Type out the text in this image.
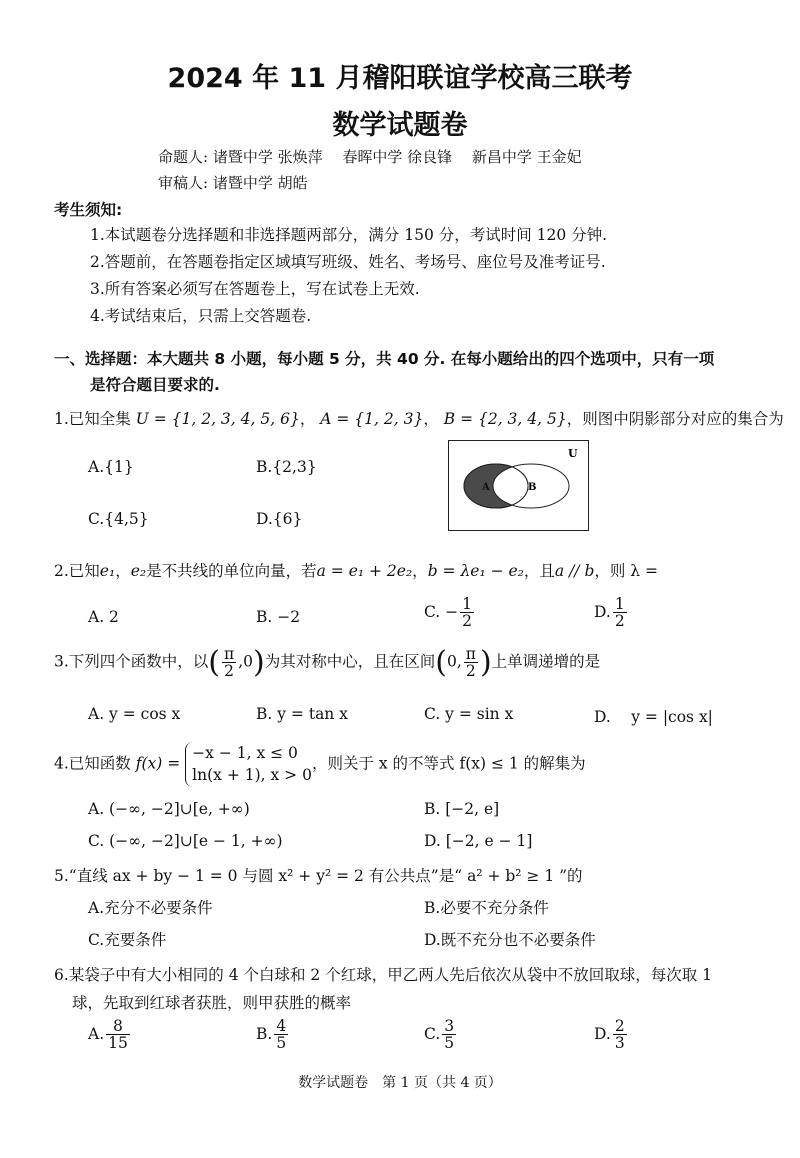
2024 年 11 月稽阳联谊学校高三联考
数学试题卷
命题人: 诸暨中学 张焕萍　 春晖中学 徐良锋　 新昌中学 王金妃
审稿人: 诸暨中学 胡皓
考生须知:
1.本试题卷分选择题和非选择题两部分，满分 150 分，考试时间 120 分钟.
2.答题前，在答题卷指定区域填写班级、姓名、考场号、座位号及准考证号.
3.所有答案必须写在答题卷上，写在试卷上无效.
4.考试结束后，只需上交答题卷.
一、选择题：本大题共 8 小题，每小题 5 分，共 40 分. 在每小题给出的四个选项中，只有一项
是符合题目要求的.
1.已知全集 U = {1, 2, 3, 4, 5, 6}， A = {1, 2, 3}， B = {2, 3, 4, 5}，则图中阴影部分对应的集合为
A.{1}	B.{2,3}
C.{4,5}	D.{6}
U
A	B
2.已知e₁，e₂是不共线的单位向量，若a = e₁ + 2e₂，b = λe₁ − e₂，且a // b，则 λ =
A. 2	B. −2	C. − $\frac{1}{2}$	D. $\frac{1}{2}$
3.下列四个函数中，以( $\frac{\pi}{2} ,0$)为其对称中心，且在区间(0, $\frac{\pi}{2}$ )上单调递增的是
A. y = cos x	B. y = tan x	C. y = sin x	D.　 y = |cos x|
4.已知函数 f(x) =
−x − 1, x ≤ 0
ln(x + 1), x > 0
，则关于 x 的不等式 f(x) ≤ 1 的解集为
A. (−∞, −2]∪[e, +∞)	B. [−2, e]
C. (−∞, −2]∪[e − 1, +∞)	D. [−2, e − 1]
5.“直线 ax + by − 1 = 0 与圆 x² + y² = 2 有公共点”是“ a² + b² ≥ 1 ”的
A.充分不必要条件	B.必要不充分条件
C.充要条件	D.既不充分也不必要条件
6.某袋子中有大小相同的 4 个白球和 2 个红球，甲乙两人先后依次从袋中不放回取球，每次取 1
球，先取到红球者获胜，则甲获胜的概率
A. $\frac{8}{15}$	B. $\frac{4}{5}$	C. $\frac{3}{5}$	D. $\frac{2}{3}$
数学试题卷　第 1 页（共 4 页）
